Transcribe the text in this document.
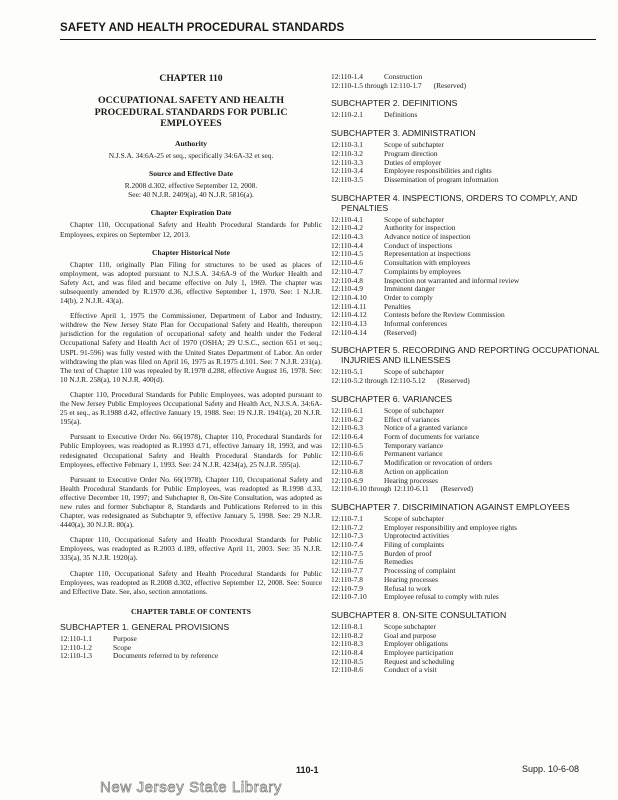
SAFETY AND HEALTH PROCEDURAL STANDARDS
CHAPTER 110
OCCUPATIONAL SAFETY AND HEALTH PROCEDURAL STANDARDS FOR PUBLIC EMPLOYEES
Authority
N.J.S.A. 34:6A-25 et seq., specifically 34:6A-32 et seq.
Source and Effective Date
R.2008 d.302, effective September 12, 2008.
See: 40 N.J.R. 2409(a), 40 N.J.R. 5816(a).
Chapter Expiration Date

Chapter 110, Occupational Safety and Health Procedural Standards for Public Employees, expires on September 12, 2013.

Chapter Historical Note

Chapter 110, originally Plan Filing for structures to be used as places of employment, was adopted pursuant to N.J.S.A. 34:6A-9 of the Worker Health and Safety Act, and was filed and became effective on July 1, 1969. The chapter was subsequently amended by R.1970 d.36, effective September 1, 1970. See: 1 N.J.R. 14(b), 2 N.J.R. 43(a).

Effective April 1, 1975 the Commissioner, Department of Labor and Industry, withdrew the New Jersey State Plan for Occupational Safety and Health, thereupon jurisdiction for the regulation of occupational safety and health under the Federal Occupational Safety and Health Act of 1970 (OSHA; 29 U.S.C., section 651 et seq.; USPL 91-596) was fully vested with the United States Department of Labor. An order withdrawing the plan was filed on April 16, 1975 as R.1975 d.101. See: 7 N.J.R. 231(a). The text of Chapter 110 was repealed by R.1978 d.288, effective August 16, 1978. See: 10 N.J.R. 258(a), 10 N.J.R. 400(d).

Chapter 110, Procedural Standards for Public Employees, was adopted pursuant to the New Jersey Public Employees Occupational Safety and Health Act, N.J.S.A. 34:6A-25 et seq., as R.1988 d.42, effective January 19, 1988. See: 19 N.J.R. 1941(a), 20 N.J.R. 195(a).

Pursuant to Executive Order No. 66(1978), Chapter 110, Procedural Standards for Public Employees, was readopted as R.1993 d.71, effective January 18, 1993, and was redesignated Occupational Safety and Health Procedural Standards for Public Employees, effective February 1, 1993. See: 24 N.J.R. 4234(a), 25 N.J.R. 595(a).

Pursuant to Executive Order No. 66(1978), Chapter 110, Occupational Safety and Health Procedural Standards for Public Employees, was readopted as R.1998 d.33, effective December 10, 1997; and Subchapter 8, On-Site Consultation, was adopted as new rules and former Subchapter 8, Standards and Publications Referred to in this Chapter, was redesignated as Subchapter 9, effective January 5, 1998. See: 29 N.J.R. 4440(a), 30 N.J.R. 80(a).

Chapter 110, Occupational Safety and Health Procedural Standards for Public Employees, was readopted as R.2003 d.189, effective April 11, 2003. See: 35 N.J.R. 335(a), 35 N.J.R. 1920(a).

Chapter 110, Occupational Safety and Health Procedural Standards for Public Employees, was readopted as R.2008 d.302, effective September 12, 2008. See: Source and Effective Date. See, also, section annotations.

CHAPTER TABLE OF CONTENTS
SUBCHAPTER 1. GENERAL PROVISIONS
12:110-1.1	Purpose
12:110-1.2	Scope
12:110-1.3	Documents referred to by reference
12:110-1.4	Construction
12:110-1.5 through 12:110-1.7 (Reserved)
SUBCHAPTER 2. DEFINITIONS
12:110-2.1	Definitions
SUBCHAPTER 3. ADMINISTRATION
12:110-3.1	Scope of subchapter
12:110-3.2	Program direction
12:110-3.3	Duties of employer
12:110-3.4	Employee responsibilities and rights
12:110-3.5	Dissemination of program information
SUBCHAPTER 4. INSPECTIONS, ORDERS TO COMPLY, AND PENALTIES
12:110-4.1	Scope of subchapter
12:110-4.2	Authority for inspection
12:110-4.3	Advance notice of inspection
12:110-4.4	Conduct of inspections
12:110-4.5	Representation at inspections
12:110-4.6	Consultation with employees
12:110-4.7	Complaints by employees
12:110-4.8	Inspection not warranted and informal review
12:110-4.9	Imminent danger
12:110-4.10	Order to comply
12:110-4.11	Penalties
12:110-4.12	Contests before the Review Commission
12:110-4.13	Informal conferences
12:110-4.14	(Reserved)
SUBCHAPTER 5. RECORDING AND REPORTING OCCUPATIONAL INJURIES AND ILLNESSES
12:110-5.1	Scope of subchapter
12:110-5.2 through 12:110-5.12 (Reserved)
SUBCHAPTER 6. VARIANCES
12:110-6.1	Scope of subchapter
12:110-6.2	Effect of variances
12:110-6.3	Notice of a granted variance
12:110-6.4	Form of documents for variance
12:110-6.5	Temporary variance
12:110-6.6	Permanent variance
12:110-6.7	Modification or revocation of orders
12:110-6.8	Action on application
12:110-6.9	Hearing processes
12:110-6.10 through 12:110-6.11 (Reserved)
SUBCHAPTER 7. DISCRIMINATION AGAINST EMPLOYEES
12:110-7.1	Scope of subchapter
12:110-7.2	Employer responsibility and employee rights
12:110-7.3	Unprotected activities
12:110-7.4	Filing of complaints
12:110-7.5	Burden of proof
12:110-7.6	Remedies
12:110-7.7	Processing of complaint
12:110-7.8	Hearing processes
12:110-7.9	Refusal to work
12:110-7.10	Employee refusal to comply with rules
SUBCHAPTER 8. ON-SITE CONSULTATION
12:110-8.1	Scope subchapter
12:110-8.2	Goal and purpose
12:110-8.3	Employer obligations
12:110-8.4	Employee participation
12:110-8.5	Request and scheduling
12:110-8.6	Conduct of a visit
110-1	Supp. 10-6-08
New Jersey State Library
